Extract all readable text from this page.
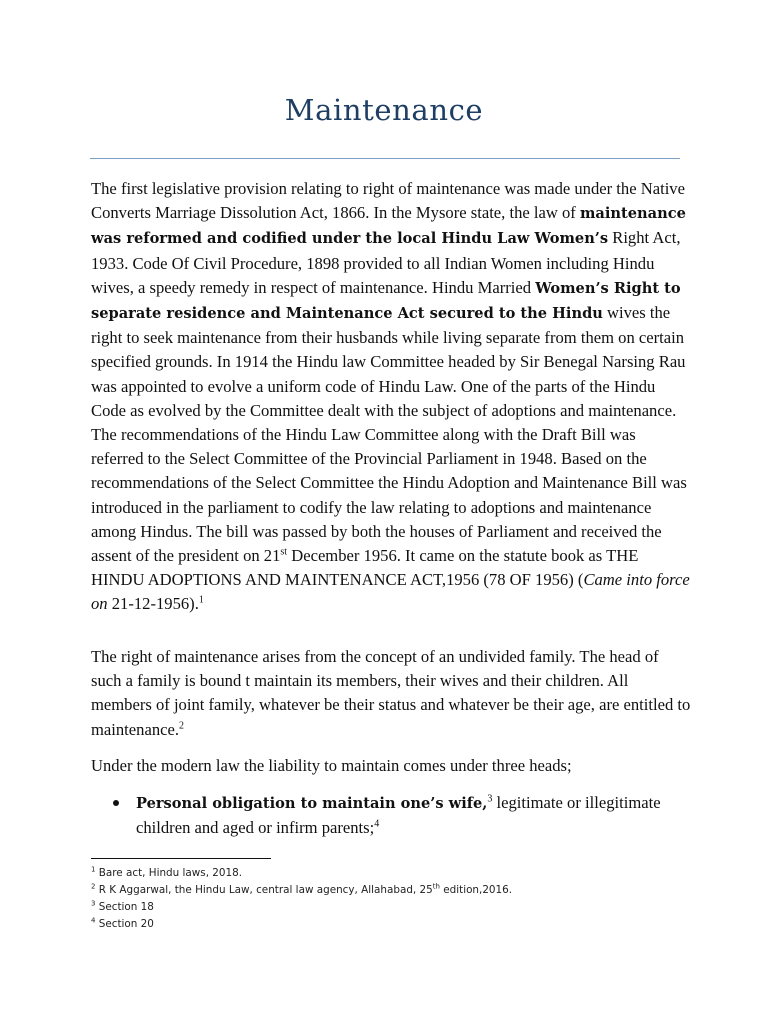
Maintenance

The first legislative provision relating to right of maintenance was made under the Native Converts Marriage Dissolution Act, 1866. In the Mysore state, the law of maintenance was reformed and codified under the local Hindu Law Women’s Right Act, 1933. Code Of Civil Procedure, 1898 provided to all Indian Women including Hindu wives, a speedy remedy in respect of maintenance. Hindu Married Women’s Right to separate residence and Maintenance Act secured to the Hindu wives the right to seek maintenance from their husbands while living separate from them on certain specified grounds. In 1914 the Hindu law Committee headed by Sir Benegal Narsing Rau was appointed to evolve a uniform code of Hindu Law. One of the parts of the Hindu Code as evolved by the Committee dealt with the subject of adoptions and maintenance. The recommendations of the Hindu Law Committee along with the Draft Bill was referred to the Select Committee of the Provincial Parliament in 1948. Based on the recommendations of the Select Committee the Hindu Adoption and Maintenance Bill was introduced in the parliament to codify the law relating to adoptions and maintenance among Hindus. The bill was passed by both the houses of Parliament and received the assent of the president on 21st December 1956. It came on the statute book as THE HINDU ADOPTIONS AND MAINTENANCE ACT,1956 (78 OF 1956) (Came into force on 21-12-1956).$^1$

The right of maintenance arises from the concept of an undivided family. The head of such a family is bound t maintain its members, their wives and their children. All members of joint family, whatever be their status and whatever be their age, are entitled to maintenance.$^2$

Under the modern law the liability to maintain comes under three heads;

Personal obligation to maintain one’s wife,$^3$ legitimate or illegitimate children and aged or infirm parents;$^4$
$^1$ Bare act, Hindu laws, 2018.
$^2$ R K Aggarwal, the Hindu Law, central law agency, Allahabad, 25th edition,2016.
$^3$ Section 18
$^4$ Section 20
